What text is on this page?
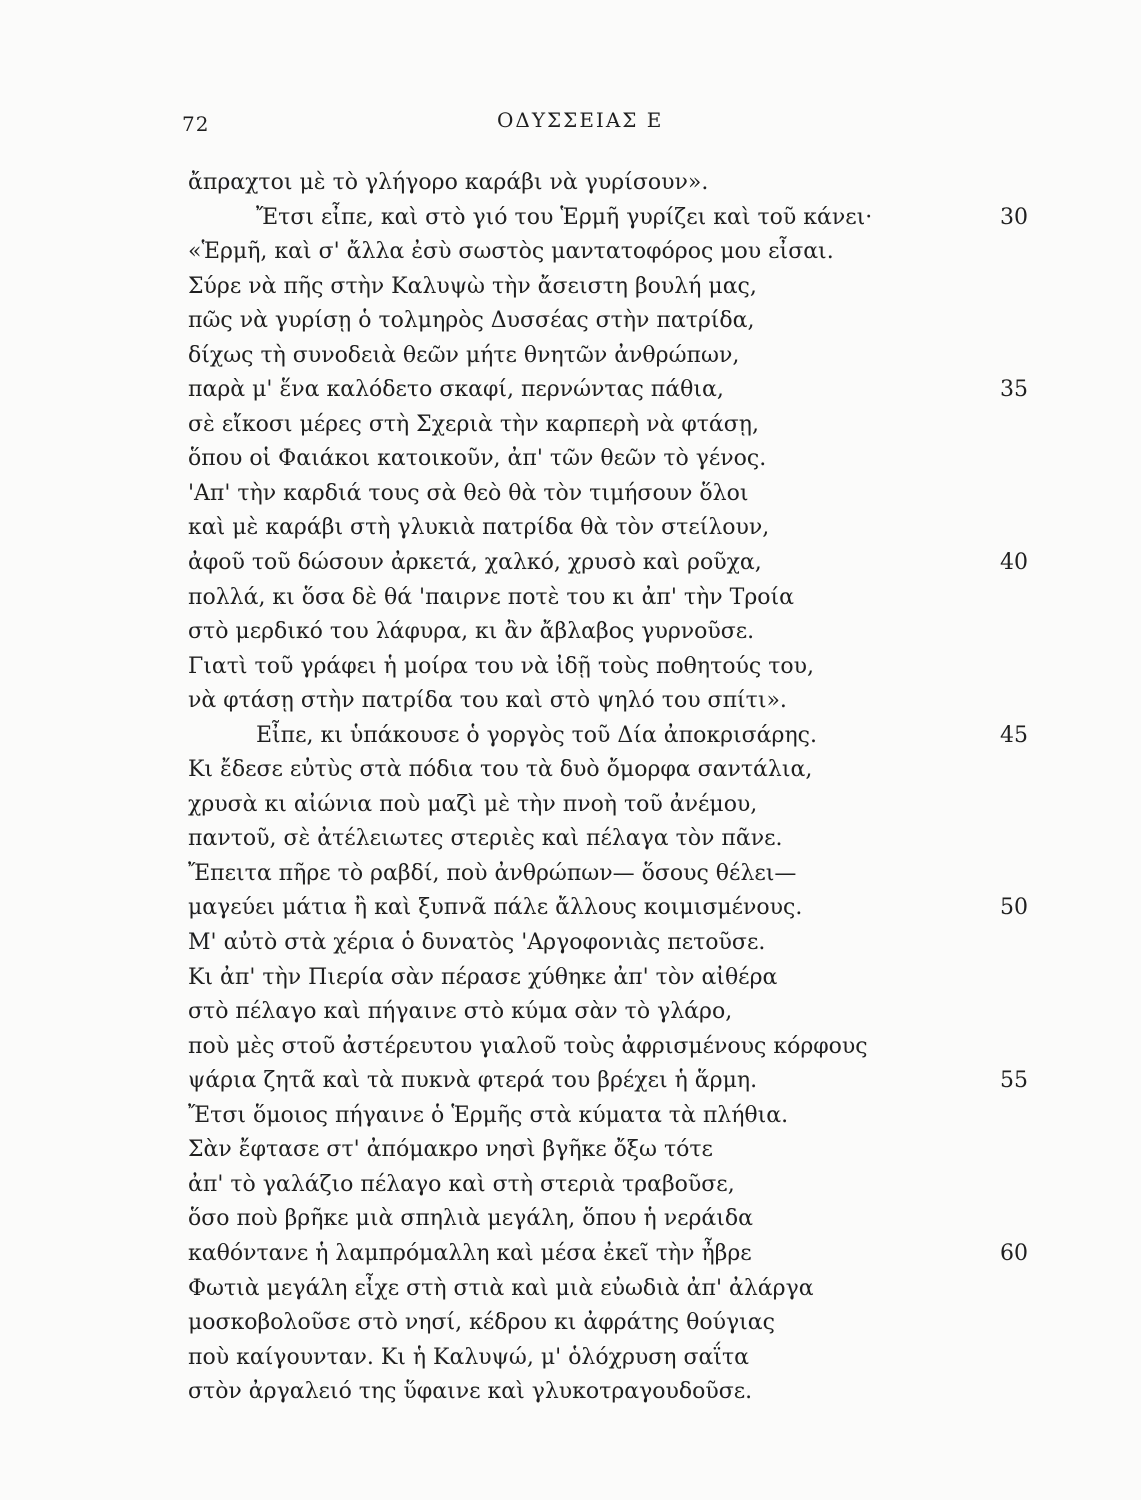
72	ΟΔΥΣΣΕΙΑΣ Ε
ἄπραχτοι μὲ τὸ γλήγορο καράβι νὰ γυρίσουν».
Ἔτσι εἶπε, καὶ στὸ γιό του Ἑρμῆ γυρίζει καὶ τοῦ κάνει·	30
«Ἑρμῆ, καὶ σ' ἄλλα ἐσὺ σωστὸς μαντατοφόρος μου εἶσαι.
Σύρε νὰ πῆς στὴν Καλυψὼ τὴν ἄσειστη βουλή μας,
πῶς νὰ γυρίσῃ ὁ τολμηρὸς Δυσσέας στὴν πατρίδα,
δίχως τὴ συνοδειὰ θεῶν μήτε θνητῶν ἀνθρώπων,
παρὰ μ' ἕνα καλόδετο σκαφί, περνώντας πάθια,	35
σὲ εἴκοσι μέρες στὴ Σχεριὰ τὴν καρπερὴ νὰ φτάσῃ,
ὅπου οἱ Φαιάκοι κατοικοῦν, ἀπ' τῶν θεῶν τὸ γένος.
'Απ' τὴν καρδιά τους σὰ θεὸ θὰ τὸν τιμήσουν ὅλοι
καὶ μὲ καράβι στὴ γλυκιὰ πατρίδα θὰ τὸν στείλουν,
ἀφοῦ τοῦ δώσουν ἀρκετά, χαλκό, χρυσὸ καὶ ροῦχα,	40
πολλά, κι ὅσα δὲ θά 'παιρνε ποτὲ του κι ἀπ' τὴν Τροία
στὸ μερδικό του λάφυρα, κι ἂν ἄβλαβος γυρνοῦσε.
Γιατὶ τοῦ γράφει ἡ μοίρα του νὰ ἰδῇ τοὺς ποθητούς του,
νὰ φτάσῃ στὴν πατρίδα του καὶ στὸ ψηλό του σπίτι».
Εἶπε, κι ὑπάκουσε ὁ γοργὸς τοῦ Δία ἀποκρισάρης.	45
Κι ἔδεσε εὐτὺς στὰ πόδια του τὰ δυὸ ὄμορφα σαντάλια,
χρυσὰ κι αἰώνια ποὺ μαζὶ μὲ τὴν πνοὴ τοῦ ἀνέμου,
παντοῦ, σὲ ἀτέλειωτες στεριὲς καὶ πέλαγα τὸν πᾶνε.
Ἔπειτα πῆρε τὸ ραβδί, ποὺ ἀνθρώπων— ὅσους θέλει—
μαγεύει μάτια ἢ καὶ ξυπνᾶ πάλε ἄλλους κοιμισμένους.	50
Μ' αὐτὸ στὰ χέρια ὁ δυνατὸς 'Αργοφονιὰς πετοῦσε.
Κι ἀπ' τὴν Πιερία σὰν πέρασε χύθηκε ἀπ' τὸν αἰθέρα
στὸ πέλαγο καὶ πήγαινε στὸ κύμα σὰν τὸ γλάρο,
ποὺ μὲς στοῦ ἀστέρευτου γιαλοῦ τοὺς ἀφρισμένους κόρφους
ψάρια ζητᾶ καὶ τὰ πυκνὰ φτερά του βρέχει ἡ ἅρμη.	55
Ἔτσι ὅμοιος πήγαινε ὁ Ἑρμῆς στὰ κύματα τὰ πλήθια.
Σὰν ἔφτασε στ' ἀπόμακρο νησὶ βγῆκε ὄξω τότε
ἀπ' τὸ γαλάζιο πέλαγο καὶ στὴ στεριὰ τραβοῦσε,
ὅσο ποὺ βρῆκε μιὰ σπηλιὰ μεγάλη, ὅπου ἡ νεράιδα
καθόντανε ἡ λαμπρόμαλλη καὶ μέσα ἐκεῖ τὴν ἦβρε	60
Φωτιὰ μεγάλη εἶχε στὴ στιὰ καὶ μιὰ εὐωδιὰ ἀπ' ἀλάργα
μοσκοβολοῦσε στὸ νησί, κέδρου κι ἀφράτης θούγιας
ποὺ καίγουνταν. Κι ἡ Καλυψώ, μ' ὁλόχρυση σαΐτα
στὸν ἀργαλειό της ὕφαινε καὶ γλυκοτραγουδοῦσε.
